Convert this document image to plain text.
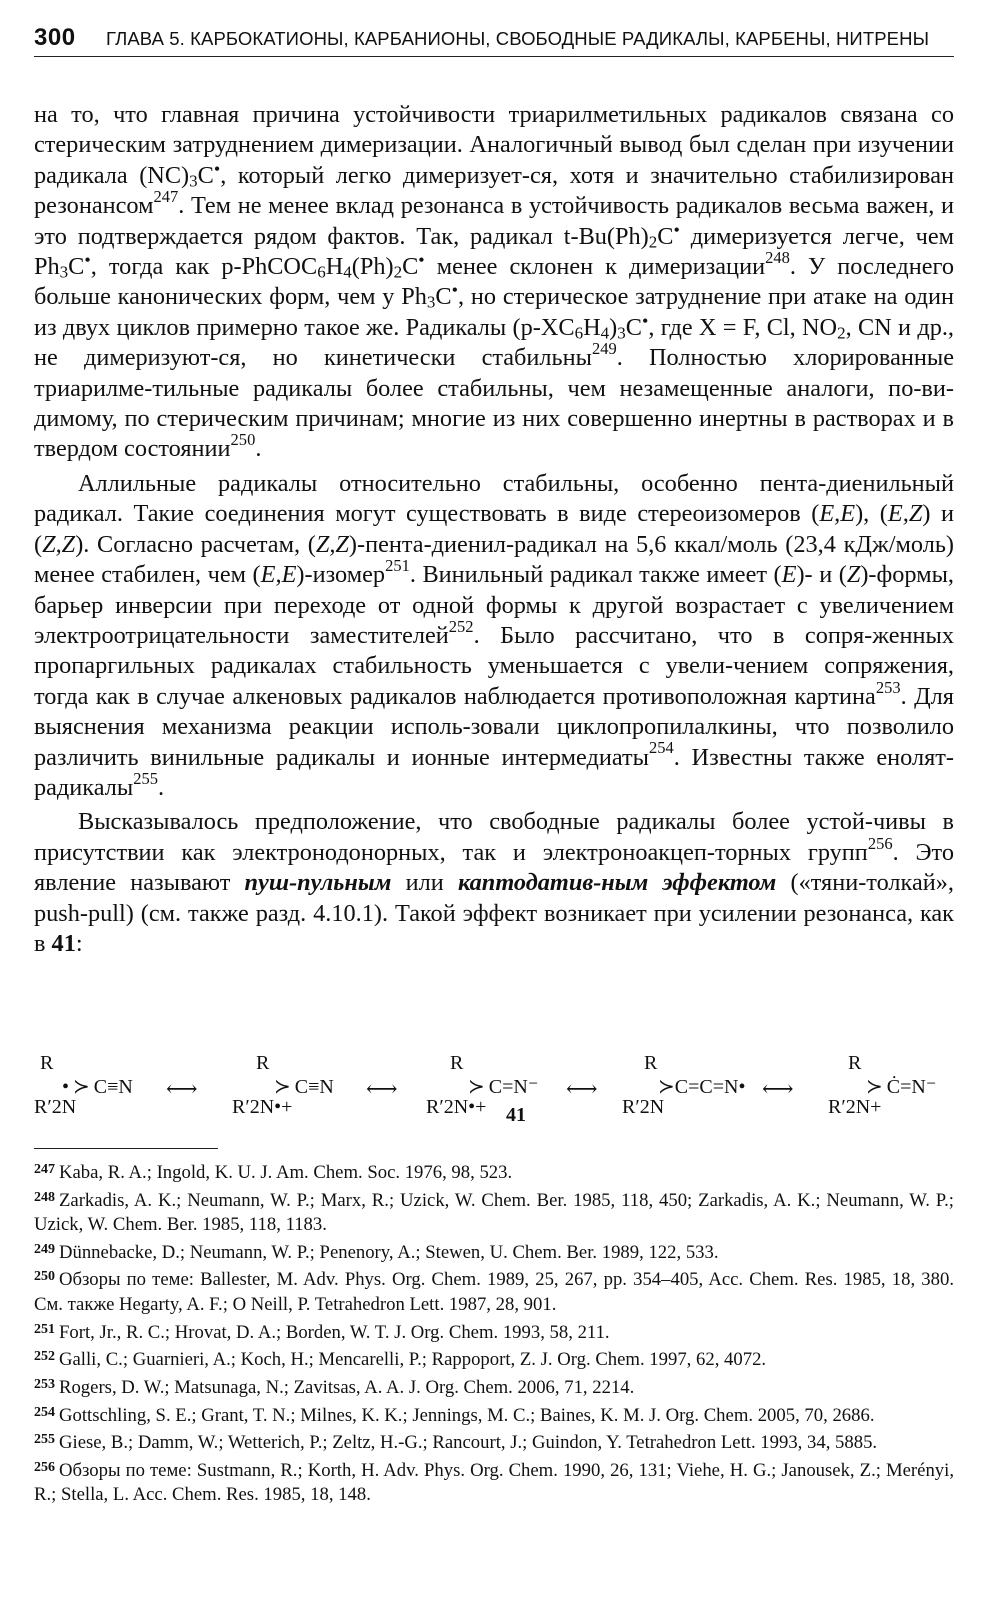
300 ГЛАВА 5. КАРБОКАТИОНЫ, КАРБАНИОНЫ, СВОБОДНЫЕ РАДИКАЛЫ, КАРБЕНЫ, НИТРЕНЫ

на то, что главная причина устойчивости триарилметильных радикалов связана со стерическим затруднением димеризации. Аналогичный вывод был сделан при изучении радикала $(NC)_3C^•$, который легко димеризует-ся, хотя и значительно стабилизирован резонансом$^{247}$. Тем не менее вклад резонанса в устойчивость радикалов весьма важен, и это подтверждается рядом фактов. Так, радикал $t-Bu(Ph)_2C^•$ димеризуется легче, чем $Ph_3C^•$, тогда как $p-PhCOC_6H_4(Ph)_2C^•$ менее склонен к димеризации$^{248}$. У последнего больше канонических форм, чем у $Ph_3C^•$, но стерическое затруднение при атаке на один из двух циклов примерно такое же. Радикалы $(p-XC_6H_4)_3C^•$, где X = F, Cl, $NO_2$, CN и др., не димеризуют-ся, но кинетически стабильны$^{249}$. Полностью хлорированные триарилме-тильные радикалы более стабильны, чем незамещенные аналоги, по-ви-димому, по стерическим причинам; многие из них совершенно инертны в растворах и в твердом состоянии$^{250}$.

Аллильные радикалы относительно стабильны, особенно пента-диенильный радикал. Такие соединения могут существовать в виде стереоизомеров (E,E), (E,Z) и (Z,Z). Согласно расчетам, (Z,Z)-пента-диенил-радикал на 5,6 ккал/моль (23,4 кДж/моль) менее стабилен, чем (E,E)-изомер$^{251}$. Винильный радикал также имеет (E)- и (Z)-формы, барьер инверсии при переходе от одной формы к другой возрастает с увеличением электроотрицательности заместителей$^{252}$. Было рассчитано, что в сопря-женных пропаргильных радикалах стабильность уменьшается с увели-чением сопряжения, тогда как в случае алкеновых радикалов наблюдается противоположная картина$^{253}$. Для выяснения механизма реакции исполь-зовали циклопропилалкины, что позволило различить винильные радикалы и ионные интермедиаты$^{254}$. Известны также енолят-радикалы$^{255}$.

Высказывалось предположение, что свободные радикалы более устой-чивы в присутствии как электронодонорных, так и электроноакцеп-торных групп$^{256}$. Это явление называют пуш-пульным или каптодатив-ным эффектом («тяни-толкай», push-pull) (см. также разд. 4.10.1). Такой эффект возникает при усилении резонанса, как в 41:

R
• ≻ C≡N
R′2N
⟷
R
≻ C≡N
R′2N•+
⟷
R
≻ C=N⁻
R′2N•+ 41
⟷
R
≻C=C=N•
R′2N
⟷
R
≻ Ċ=N⁻
R′2N+

$^{247}$ Kaba, R. A.; Ingold, K. U. J. Am. Chem. Soc. 1976, 98, 523.

$^{248}$ Zarkadis, A. K.; Neumann, W. P.; Marx, R.; Uzick, W. Chem. Ber. 1985, 118, 450; Zarkadis, A. K.; Neumann, W. P.; Uzick, W. Chem. Ber. 1985, 118, 1183.

$^{249}$ Dünnebacke, D.; Neumann, W. P.; Penenory, A.; Stewen, U. Chem. Ber. 1989, 122, 533.

$^{250}$ Обзоры по теме: Ballester, M. Adv. Phys. Org. Chem. 1989, 25, 267, pp. 354–405, Acc. Chem. Res. 1985, 18, 380. См. также Hegarty, A. F.; O Neill, P. Tetrahedron Lett. 1987, 28, 901.

$^{251}$ Fort, Jr., R. C.; Hrovat, D. A.; Borden, W. T. J. Org. Chem. 1993, 58, 211.

$^{252}$ Galli, C.; Guarnieri, A.; Koch, H.; Mencarelli, P.; Rappoport, Z. J. Org. Chem. 1997, 62, 4072.

$^{253}$ Rogers, D. W.; Matsunaga, N.; Zavitsas, A. A. J. Org. Chem. 2006, 71, 2214.

$^{254}$ Gottschling, S. E.; Grant, T. N.; Milnes, K. K.; Jennings, M. C.; Baines, K. M. J. Org. Chem. 2005, 70, 2686.

$^{255}$ Giese, B.; Damm, W.; Wetterich, P.; Zeltz, H.-G.; Rancourt, J.; Guindon, Y. Tetrahedron Lett. 1993, 34, 5885.

$^{256}$ Обзоры по теме: Sustmann, R.; Korth, H. Adv. Phys. Org. Chem. 1990, 26, 131; Viehe, H. G.; Janousek, Z.; Merényi, R.; Stella, L. Acc. Chem. Res. 1985, 18, 148.
